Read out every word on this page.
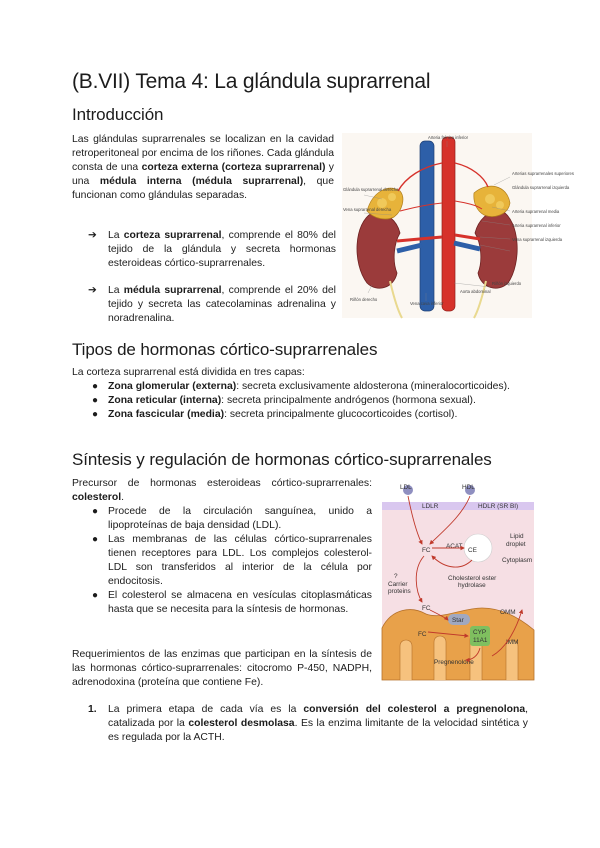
(B.VII) Tema 4: La glándula suprarrenal
Introducción

Las glándulas suprarrenales se localizan en la cavidad retroperitoneal por encima de los riñones. Cada glándula consta de una corteza externa (corteza suprarrenal) y una médula interna (médula suprarrenal), que funcionan como glándulas separadas.

➔	La corteza suprarrenal, comprende el 80% del tejido de la glándula y secreta hormonas esteroideas córtico-suprarrenales.
➔	La médula suprarrenal, comprende el 20% del tejido y secreta las catecolaminas adrenalina y noradrenalina.
Arteria frénica inferior
Arterias suprarrenales superiores
Glándula suprarrenal izquierda
Arteria suprarrenal media
Arteria suprarrenal inferior
Vena suprarrenal izquierda
Glándula suprarrenal derecha
Vena suprarrenal derecha
Riñón derecho
Vena cava inferior
Aorta abdominal
Riñón izquierdo
Tipos de hormonas córtico-suprarrenales

La corteza suprarrenal está dividida en tres capas:

● Zona glomerular (externa): secreta exclusivamente aldosterona (mineralocorticoides).
● Zona reticular (interna): secreta principalmente andrógenos (hormona sexual).
● Zona fascicular (media): secreta principalmente glucocorticoides (cortisol).
Síntesis y regulación de hormonas córtico-suprarrenales

Precursor de hormonas esteroideas córtico-suprarrenales: colesterol.

● Procede de la circulación sanguínea, unido a lipoproteínas de baja densidad (LDL).
● Las membranas de las células córtico-suprarrenales tienen receptores para LDL. Los complejos colesterol-LDL son transferidos al interior de la célula por endocitosis.
● El colesterol se almacena en vesículas citoplasmáticas hasta que se necesita para la síntesis de hormonas.

Requerimientos de las enzimas que participan en la síntesis de las hormonas córtico-suprarrenales: citocromo P-450, NADPH, adrenodoxina (proteína que contiene Fe).

1. La primera etapa de cada vía es la conversión del colesterol a pregnenolona, catalizada por la colesterol desmolasa. Es la enzima limitante de la velocidad sintética y es regulada por la ACTH.
LDL	HDL
LDLR	HDLR (SR BI)
Lipid
droplet
Cytoplasm
FC
ACAT
CE
?
Carrier
proteins
Cholesterol ester
hydrolase
FC
Star
OMM
IMM
FC	CYP
11A1
Pregnenolone
